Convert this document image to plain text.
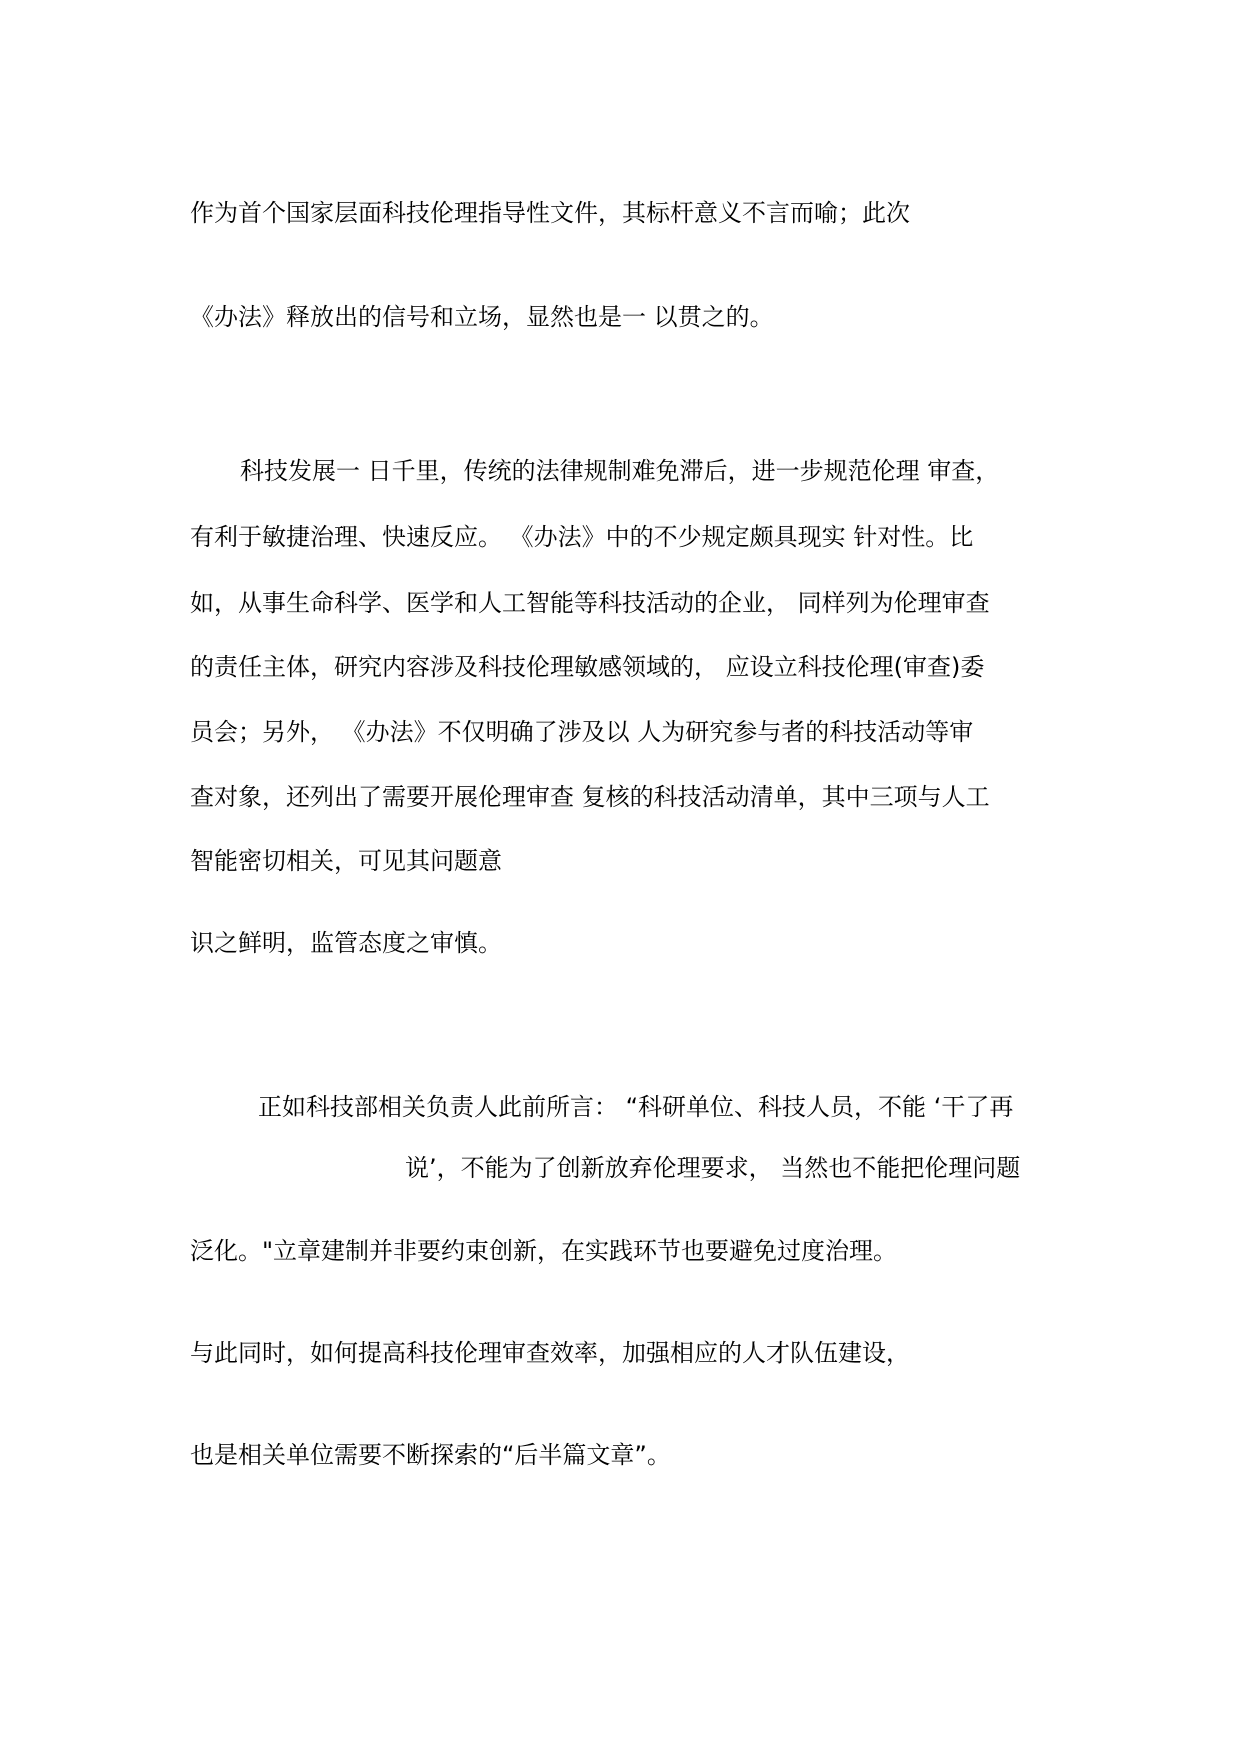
作为首个国家层面科技伦理指导性文件，其标杆意义不言而喻；此次
《办法》释放出的信号和立场，显然也是一 以贯之的。
科技发展一 日千里，传统的法律规制难免滞后，进一步规范伦理 审查，
有利于敏捷治理、快速反应。 《办法》中的不少规定颇具现实 针对性。比
如，从事生命科学、医学和人工智能等科技活动的企业， 同样列为伦理审查
的责任主体，研究内容涉及科技伦理敏感领域的， 应设立科技伦理(审查)委
员会；另外， 《办法》不仅明确了涉及以 人为研究参与者的科技活动等审
查对象，还列出了需要开展伦理审查 复核的科技活动清单，其中三项与人工
智能密切相关，可见其问题意
识之鲜明，监管态度之审慎。
正如科技部相关负责人此前所言： “科研单位、科技人员，不能 ‘干了再
说’，不能为了创新放弃伦理要求， 当然也不能把伦理问题
泛化。"立章建制并非要约束创新，在实践环节也要避免过度治理。
与此同时，如何提高科技伦理审查效率，加强相应的人才队伍建设，
也是相关单位需要不断探索的“后半篇文章”。
